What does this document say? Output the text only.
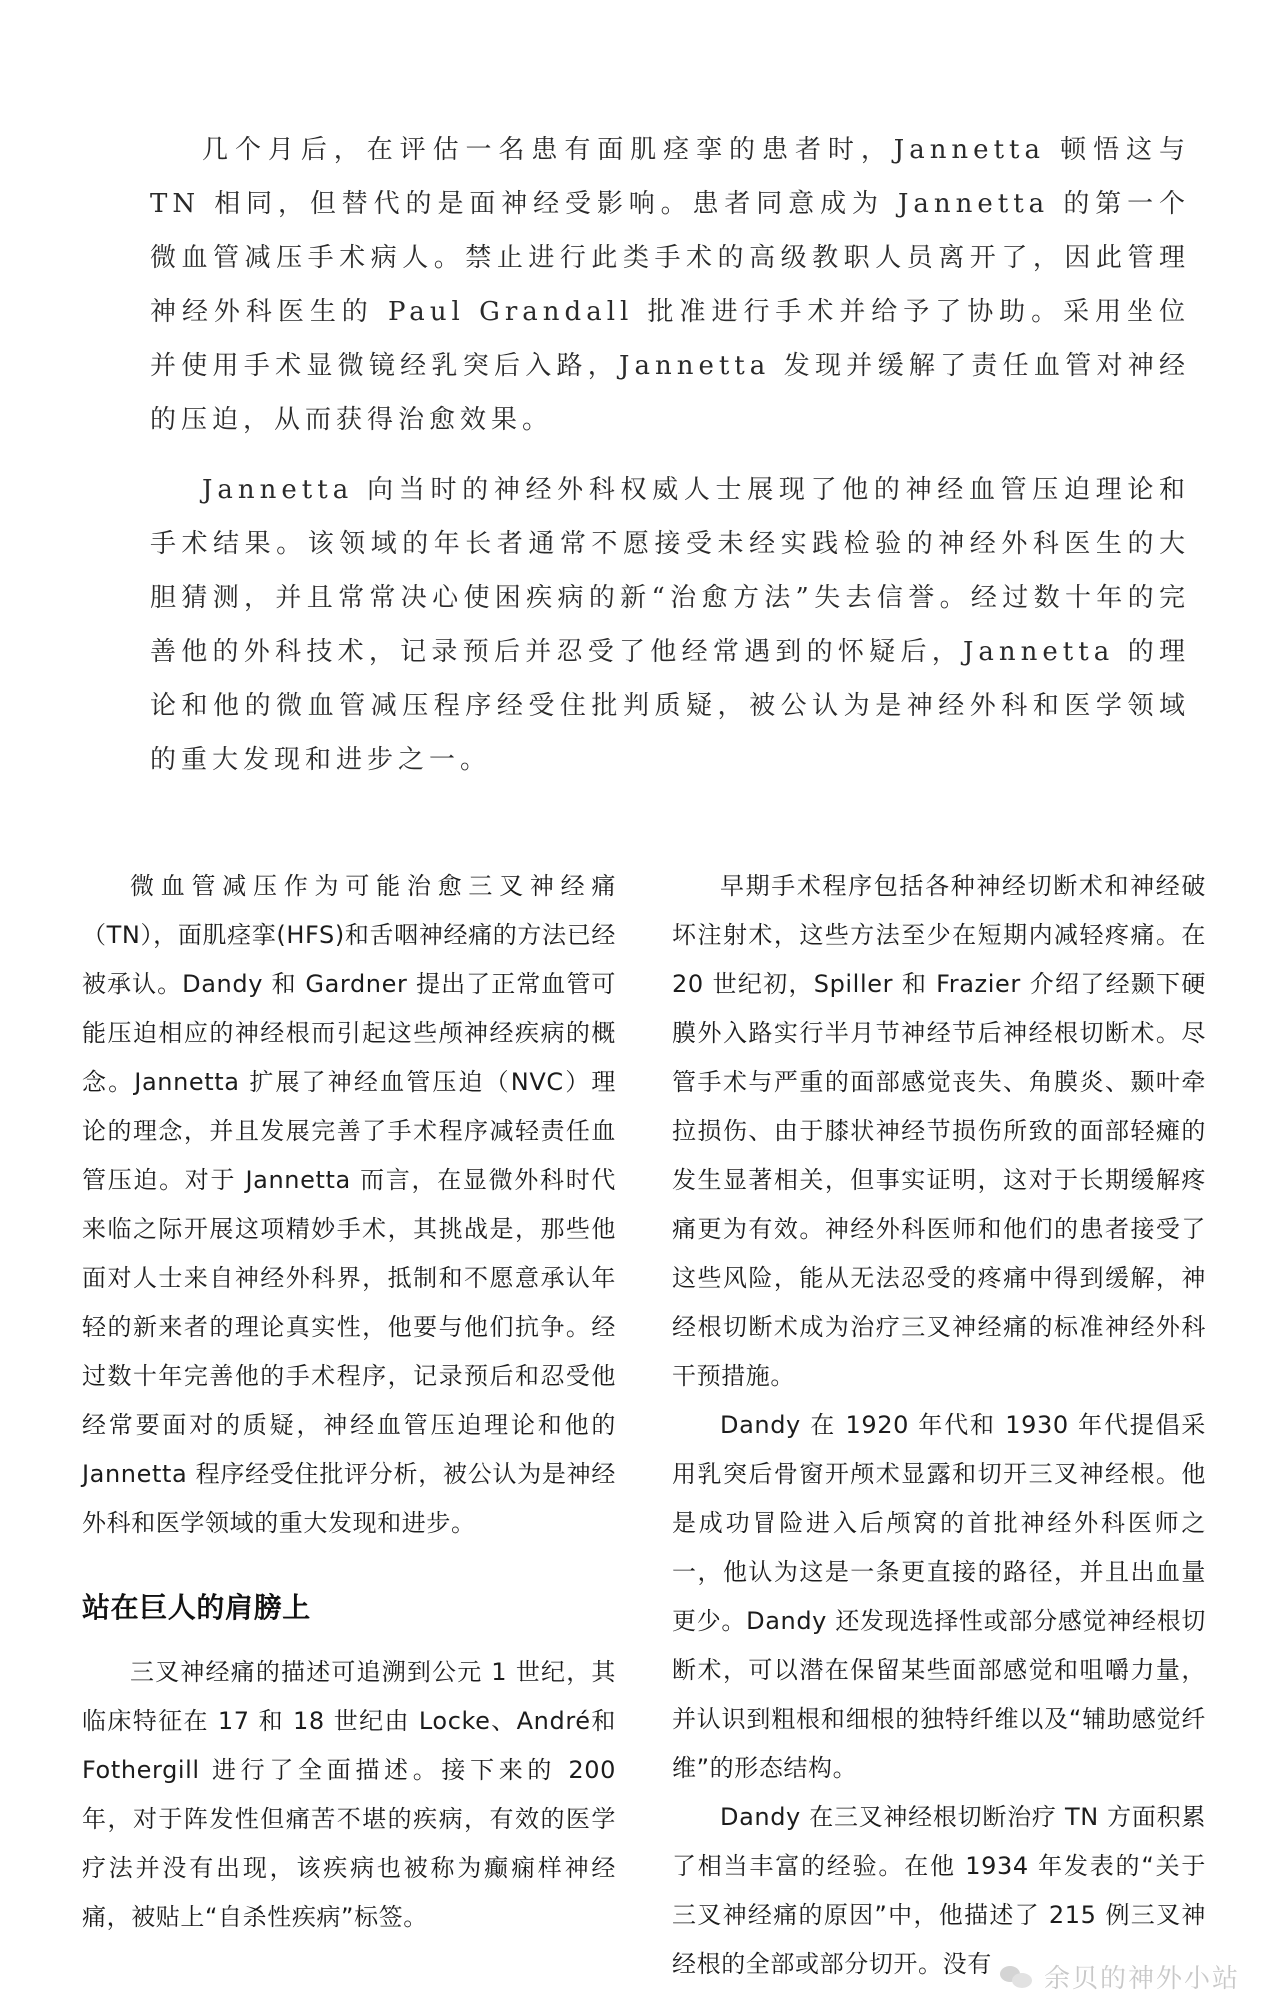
几个月后，在评估一名患有面肌痉挛的患者时，Jannetta 顿悟这与 TN 相同，但替代的是面神经受影响。患者同意成为 Jannetta 的第一个微血管减压手术病人。禁止进行此类手术的高级教职人员离开了，因此管理神经外科医生的 Paul Grandall 批准进行手术并给予了协助。采用坐位并使用手术显微镜经乳突后入路，Jannetta 发现并缓解了责任血管对神经的压迫，从而获得治愈效果。

Jannetta 向当时的神经外科权威人士展现了他的神经血管压迫理论和手术结果。该领域的年长者通常不愿接受未经实践检验的神经外科医生的大胆猜测，并且常常决心使困疾病的新“治愈方法”失去信誉。经过数十年的完善他的外科技术，记录预后并忍受了他经常遇到的怀疑后，Jannetta 的理论和他的微血管减压程序经受住批判质疑，被公认为是神经外科和医学领域的重大发现和进步之一。

微血管减压作为可能治愈三叉神经痛（TN），面肌痉挛(HFS)和舌咽神经痛的方法已经被承认。Dandy 和 Gardner 提出了正常血管可能压迫相应的神经根而引起这些颅神经疾病的概念。Jannetta 扩展了神经血管压迫（NVC）理论的理念，并且发展完善了手术程序减轻责任血管压迫。对于 Jannetta 而言，在显微外科时代来临之际开展这项精妙手术，其挑战是，那些他面对人士来自神经外科界，抵制和不愿意承认年轻的新来者的理论真实性，他要与他们抗争。经过数十年完善他的手术程序，记录预后和忍受他经常要面对的质疑，神经血管压迫理论和他的 Jannetta 程序经受住批评分析，被公认为是神经外科和医学领域的重大发现和进步。

站在巨人的肩膀上

三叉神经痛的描述可追溯到公元 1 世纪，其临床特征在 17 和 18 世纪由 Locke、André和 Fothergill 进行了全面描述。接下来的 200 年，对于阵发性但痛苦不堪的疾病，有效的医学疗法并没有出现，该疾病也被称为癫痫样神经痛，被贴上“自杀性疾病”标签。

早期手术程序包括各种神经切断术和神经破坏注射术，这些方法至少在短期内减轻疼痛。在 20 世纪初，Spiller 和 Frazier 介绍了经颞下硬膜外入路实行半月节神经节后神经根切断术。尽管手术与严重的面部感觉丧失、角膜炎、颞叶牵拉损伤、由于膝状神经节损伤所致的面部轻瘫的发生显著相关，但事实证明，这对于长期缓解疼痛更为有效。神经外科医师和他们的患者接受了这些风险，能从无法忍受的疼痛中得到缓解，神经根切断术成为治疗三叉神经痛的标准神经外科干预措施。

Dandy 在 1920 年代和 1930 年代提倡采用乳突后骨窗开颅术显露和切开三叉神经根。他是成功冒险进入后颅窝的首批神经外科医师之一，他认为这是一条更直接的路径，并且出血量更少。Dandy 还发现选择性或部分感觉神经根切断术，可以潜在保留某些面部感觉和咀嚼力量，并认识到粗根和细根的独特纤维以及“辅助感觉纤维”的形态结构。

Dandy 在三叉神经根切断治疗 TN 方面积累了相当丰富的经验。在他 1934 年发表的“关于三叉神经痛的原因”中，他描述了 215 例三叉神经根的全部或部分切开。没有	余贝的神外小站
